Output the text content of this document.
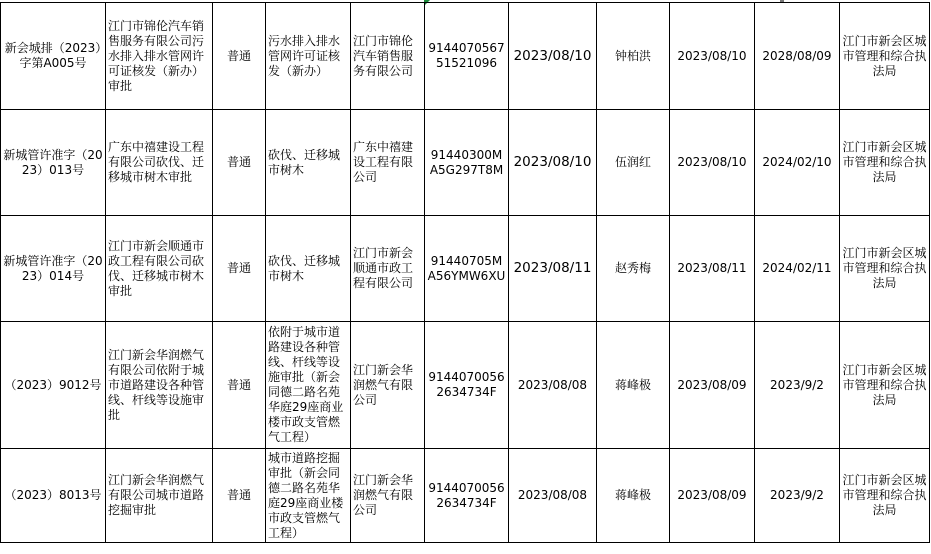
新会城排（2023）字第A005号	江门市锦伦汽车销售服务有限公司污水排入排水管网许可证核发（新办）审批	普通	污水排入排水管网许可证核发（新办）	江门市锦伦汽车销售服务有限公司	914407056751521096	2023/08/10	钟柏洪	2023/08/10	2028/08/09	江门市新会区城市管理和综合执法局
新城管许准字（2023）013号	广东中禧建设工程有限公司砍伐、迁移城市树木审批	普通	砍伐、迁移城市树木	广东中禧建设工程有限公司	91440300MA5G297T8M	2023/08/10	伍润红	2023/08/10	2024/02/10	江门市新会区城市管理和综合执法局
新城管许准字（2023）014号	江门市新会顺通市政工程有限公司砍伐、迁移城市树木审批	普通	砍伐、迁移城市树木	江门市新会顺通市政工程有限公司	91440705MA56YMW6XU	2023/08/11	赵秀梅	2023/08/11	2024/02/11	江门市新会区城市管理和综合执法局
（2023）9012号	江门新会华润燃气有限公司依附于城市道路建设各种管线、杆线等设施审批	普通	依附于城市道路建设各种管线、杆线等设施审批（新会同德二路名苑华庭29座商业楼市政支管燃气工程）	江门新会华润燃气有限公司	91440700562634734F	2023/08/08	蒋峰极	2023/08/09	2023/9/2	江门市新会区城市管理和综合执法局
（2023）8013号	江门新会华润燃气有限公司城市道路挖掘审批	普通	城市道路挖掘审批（新会同德二路名苑华庭29座商业楼市政支管燃气工程）	江门新会华润燃气有限公司	91440700562634734F	2023/08/08	蒋峰极	2023/08/09	2023/9/2	江门市新会区城市管理和综合执法局
